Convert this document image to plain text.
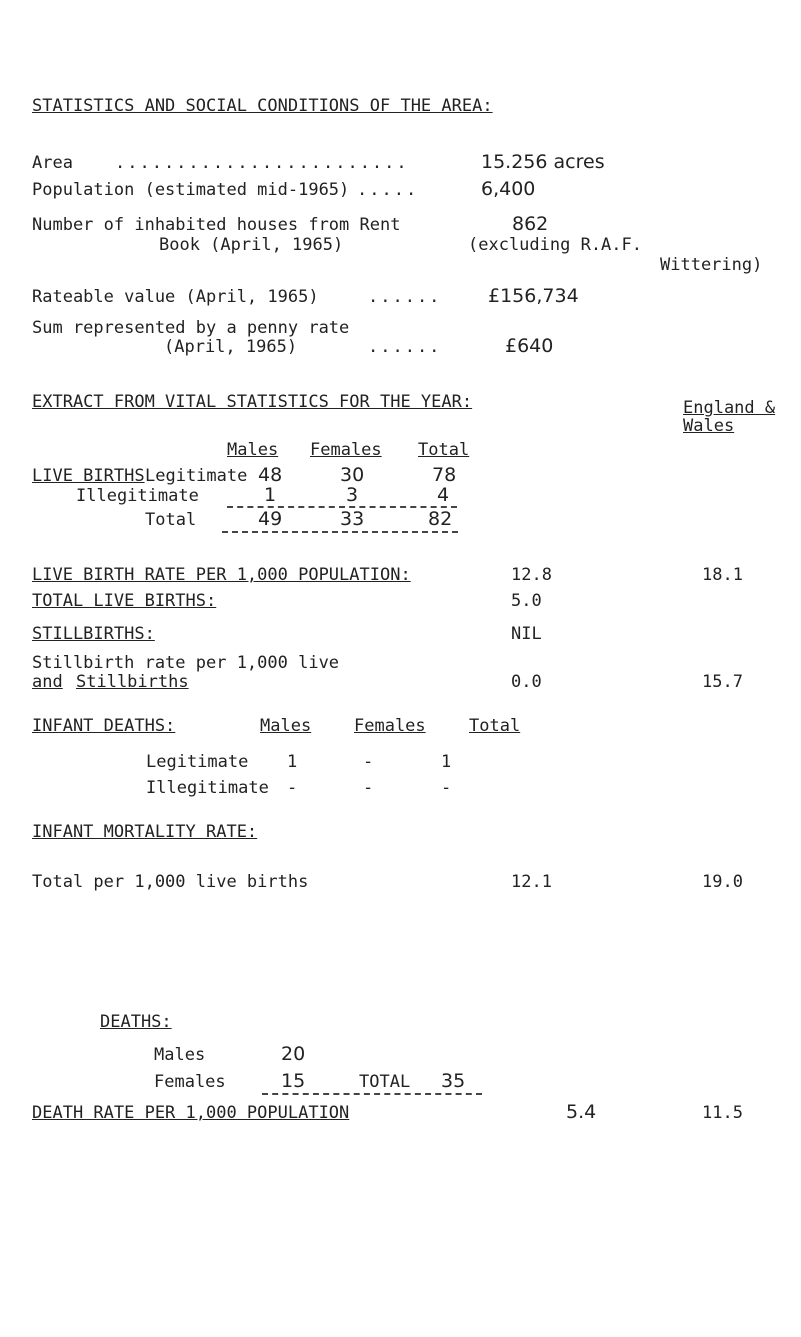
STATISTICS AND SOCIAL CONDITIONS OF THE AREA:
Area ........................	15.256 acres
Population (estimated mid-1965) .....	6,400
Number of inhabited houses from Rent
Book (April, 1965)
862
(excluding R.A.F.
Wittering)
Rateable value (April, 1965)	...... £156,734
Sum represented by a penny rate
(April, 1965)	......	£640
EXTRACT FROM VITAL STATISTICS FOR THE YEAR:	England &
Wales
Males Females Total
LIVE BIRTHS Legitimate 48	30	78
Illegitimate	1	3	4
Total	49	33	82
LIVE BIRTH RATE PER 1,000 POPULATION:	12.8	18.1
TOTAL LIVE BIRTHS:	5.0
STILLBIRTHS:	NIL
Stillbirth rate per 1,000 live
and Stillbirths	0.0	15.7
INFANT DEATHS:	Males	Females	Total
Legitimate 1	-	1
Illegitimate -	-	-
INFANT MORTALITY RATE:
Total per 1,000 live births	12.1	19.0
DEATHS:
Males	20
Females	15	TOTAL 35
DEATH RATE PER 1,000 POPULATION	5.4	11.5
